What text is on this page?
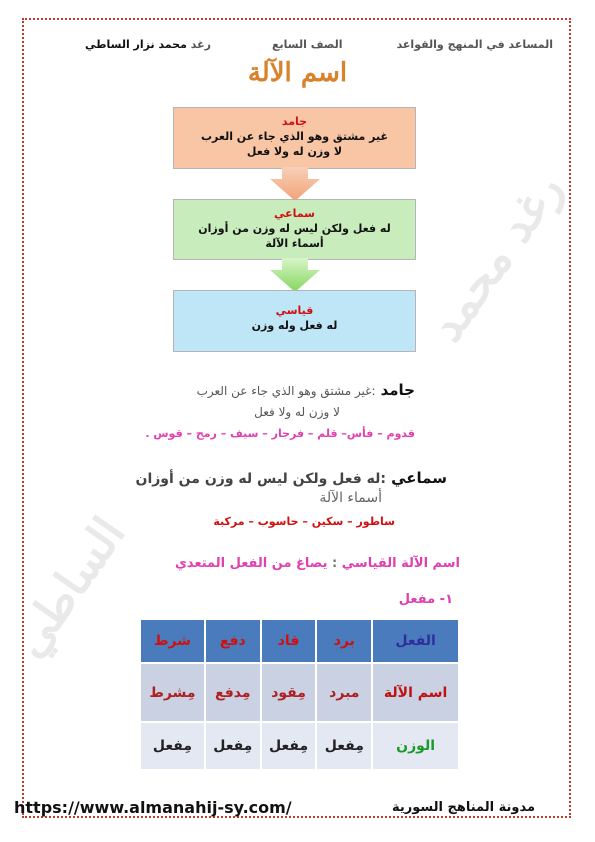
رغد محمد
الساطي
المساعد في المنهج والقواعد
الصف السابع
رغد محمد نزار الساطي
اسم الآلة
جامد
غير مشتق وهو الذي جاء عن العرب
لا وزن له ولا فعل
سماعي
له فعل ولكن ليس له وزن من أوزان
أسماء الآلة
قياسي
له فعل وله وزن
جامد :غير مشتق وهو الذي جاء عن العرب
لا وزن له ولا فعل
قدوم – فأس– قلم – فرجار – سيف – رمح – قوس .
سماعي :له فعل ولكن ليس له وزن من أوزان
أسماء الآلة
ساطور – سكين – حاسوب – مركبة
اسم الآلة القياسي : يصاغ من الفعل المتعدي
١- مفعل
الفعل	برد	قاد	دفع	شرط
اسم الآلة	مبرد	مِقود	مِدفع	مِشرط
الوزن	مِفعل	مِفعل	مِفعل	مِفعل
https://www.almanahij-sy.com/	مدونة المناهج السورية
